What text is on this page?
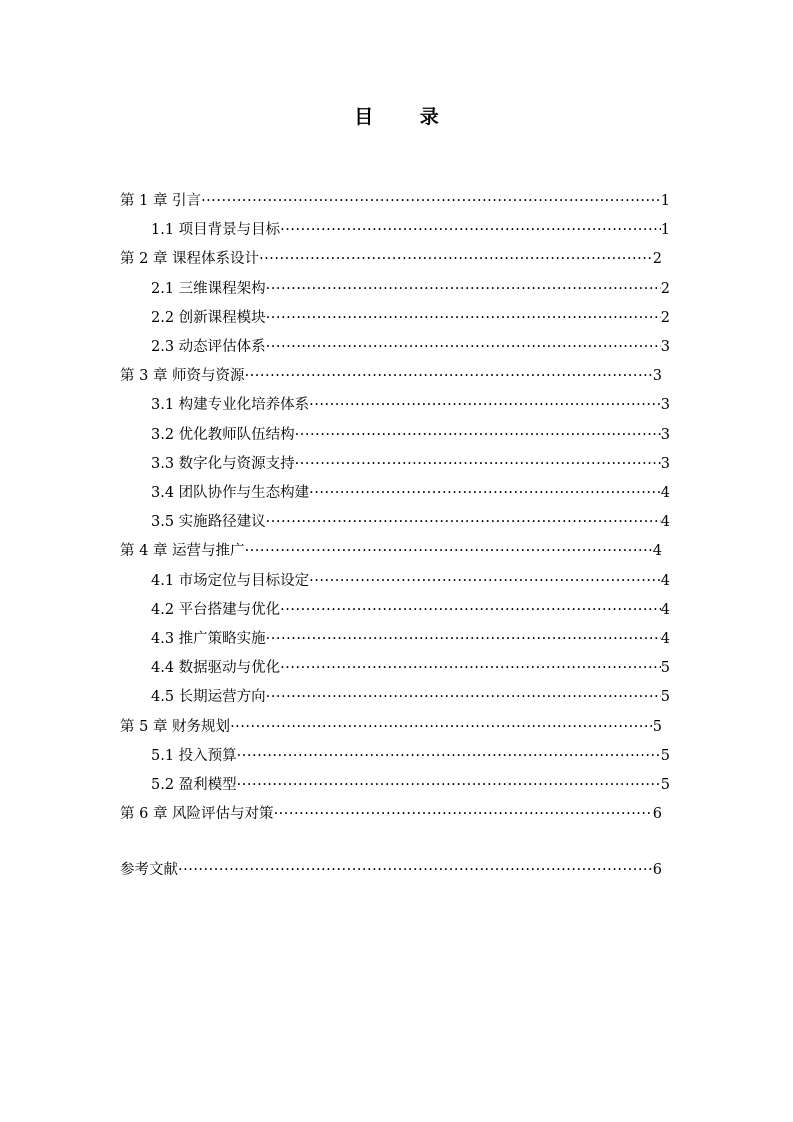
目 录
第 1 章 引言 ·····	1
1.1 项目背景与目标 ·····	1
第 2 章 课程体系设计 ·····	2
2.1 三维课程架构 ·····	2
2.2 创新课程模块 ·····	2
2.3 动态评估体系 ·····	3
第 3 章 师资与资源 ·····	3
3.1 构建专业化培养体系 ·····	3
3.2 优化教师队伍结构 ·····	3
3.3 数字化与资源支持 ·····	3
3.4 团队协作与生态构建 ·····	4
3.5 实施路径建议 ·····	4
第 4 章 运营与推广 ·····	4
4.1 市场定位与目标设定 ·····	4
4.2 平台搭建与优化 ·····	4
4.3 推广策略实施 ·····	4
4.4 数据驱动与优化 ·····	5
4.5 长期运营方向 ·····	5
第 5 章 财务规划 ·····	5
5.1 投入预算 ·····	5
5.2 盈利模型 ·····	5
第 6 章 风险评估与对策 ·····	6
参考文献 ·····	6
